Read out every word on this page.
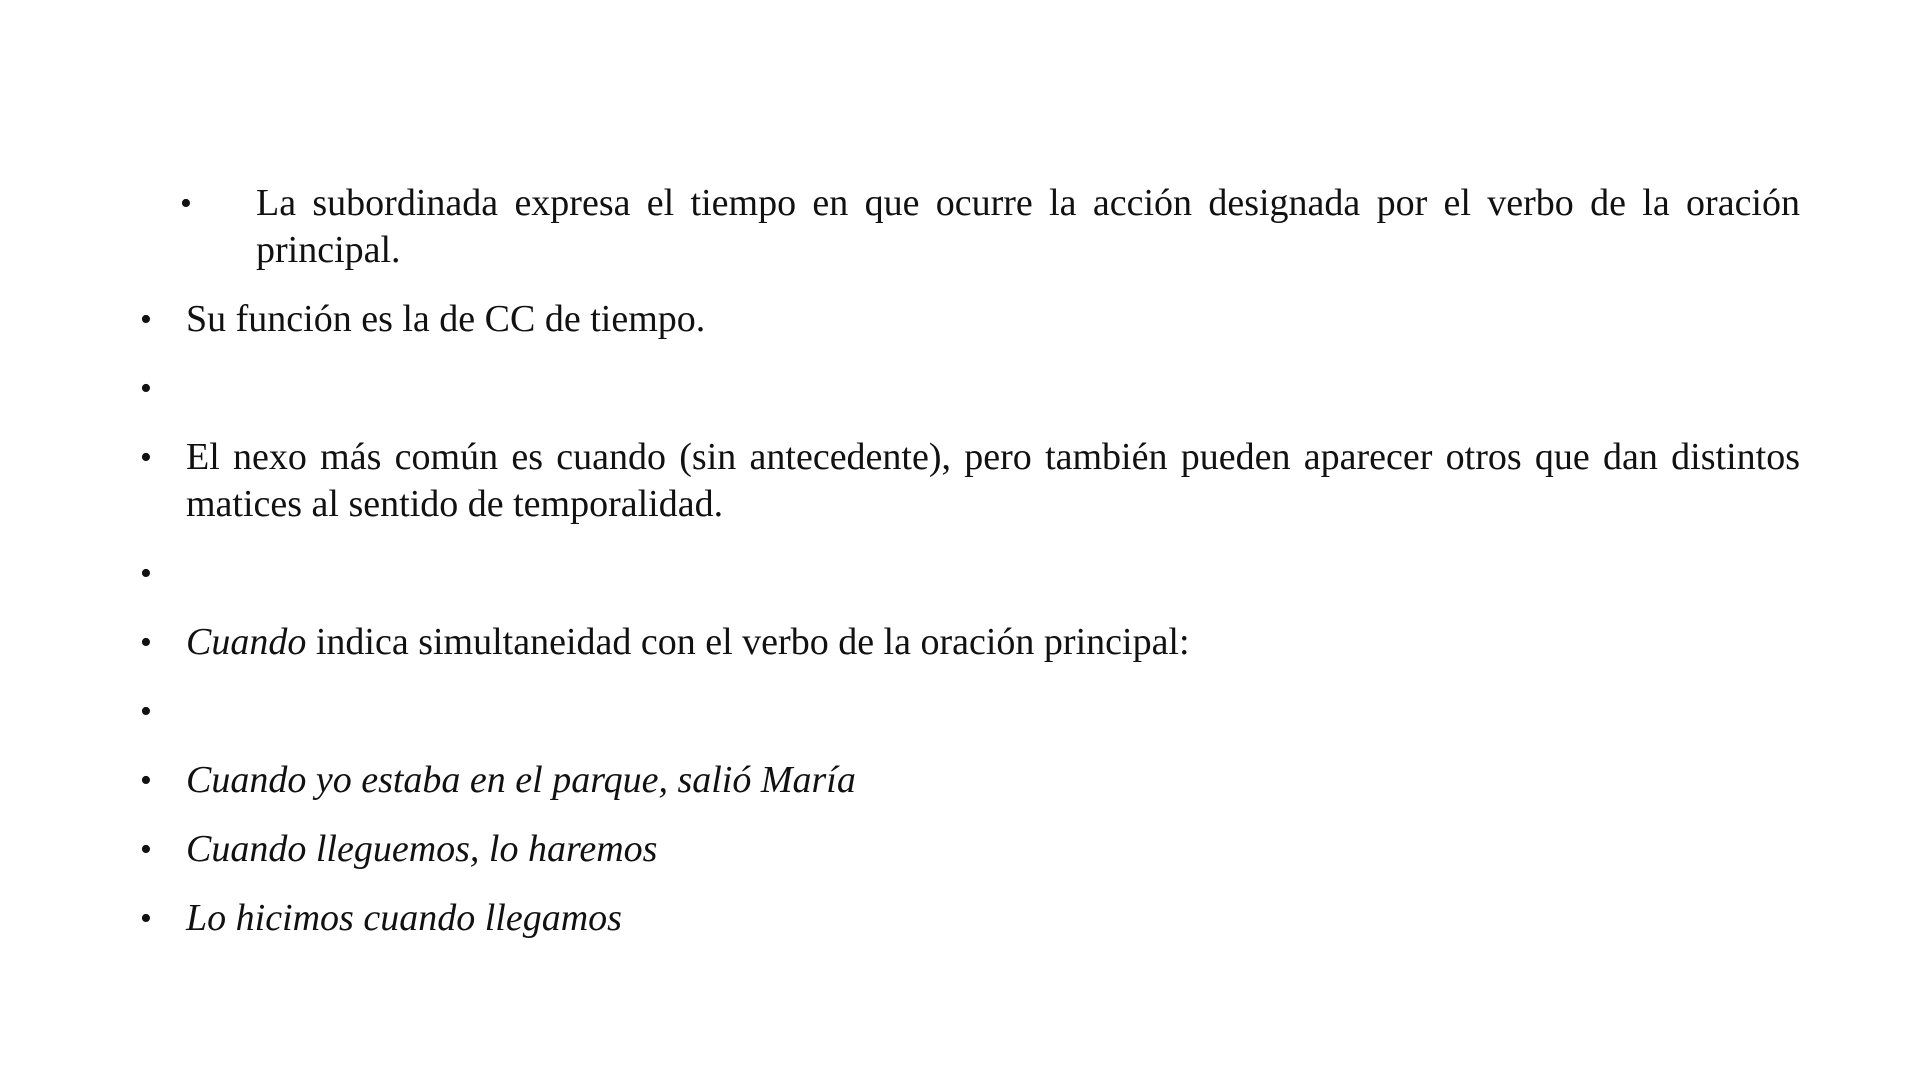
• La subordinada expresa el tiempo en que ocurre la acción designada por el verbo de la oración principal.
• Su función es la de CC de tiempo.
•
• El nexo más común es cuando (sin antecedente), pero también pueden aparecer otros que dan distintos matices al sentido de temporalidad.
•
• Cuando indica simultaneidad con el verbo de la oración principal:
•
• Cuando yo estaba en el parque, salió María
• Cuando lleguemos, lo haremos
• Lo hicimos cuando llegamos
